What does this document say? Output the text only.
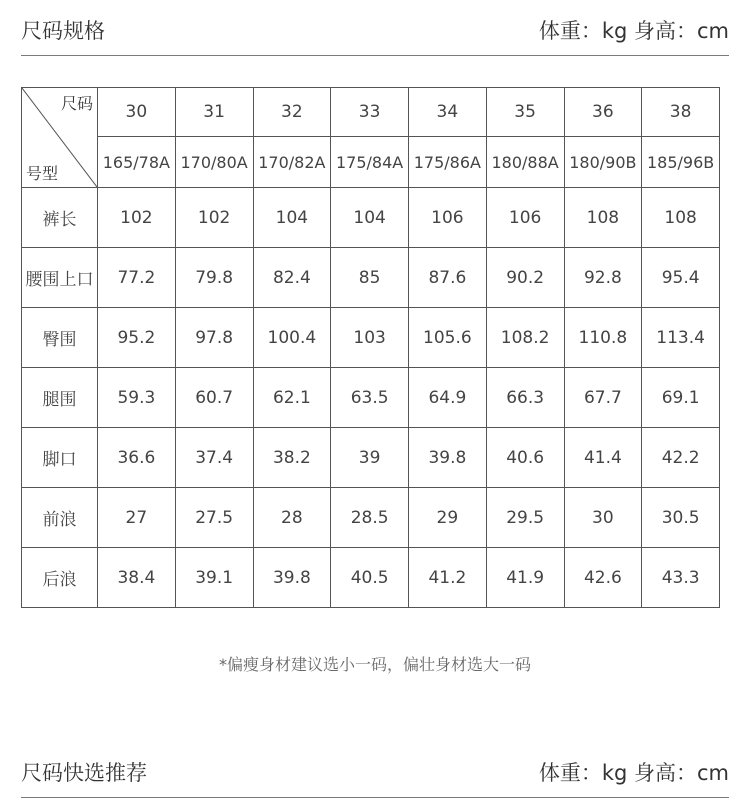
尺码规格	体重：kg 身高：cm
尺码
号型	30	31	32	33	34	35	36	38
	165/78A	170/80A	170/82A	175/84A	175/86A	180/88A	180/90B	185/96B
裤长	102	102	104	104	106	106	108	108
腰围上口	77.2	79.8	82.4	85	87.6	90.2	92.8	95.4
臀围	95.2	97.8	100.4	103	105.6	108.2	110.8	113.4
腿围	59.3	60.7	62.1	63.5	64.9	66.3	67.7	69.1
脚口	36.6	37.4	38.2	39	39.8	40.6	41.4	42.2
前浪	27	27.5	28	28.5	29	29.5	30	30.5
后浪	38.4	39.1	39.8	40.5	41.2	41.9	42.6	43.3
*偏瘦身材建议选小一码，偏壮身材选大一码
尺码快选推荐	体重：kg 身高：cm
